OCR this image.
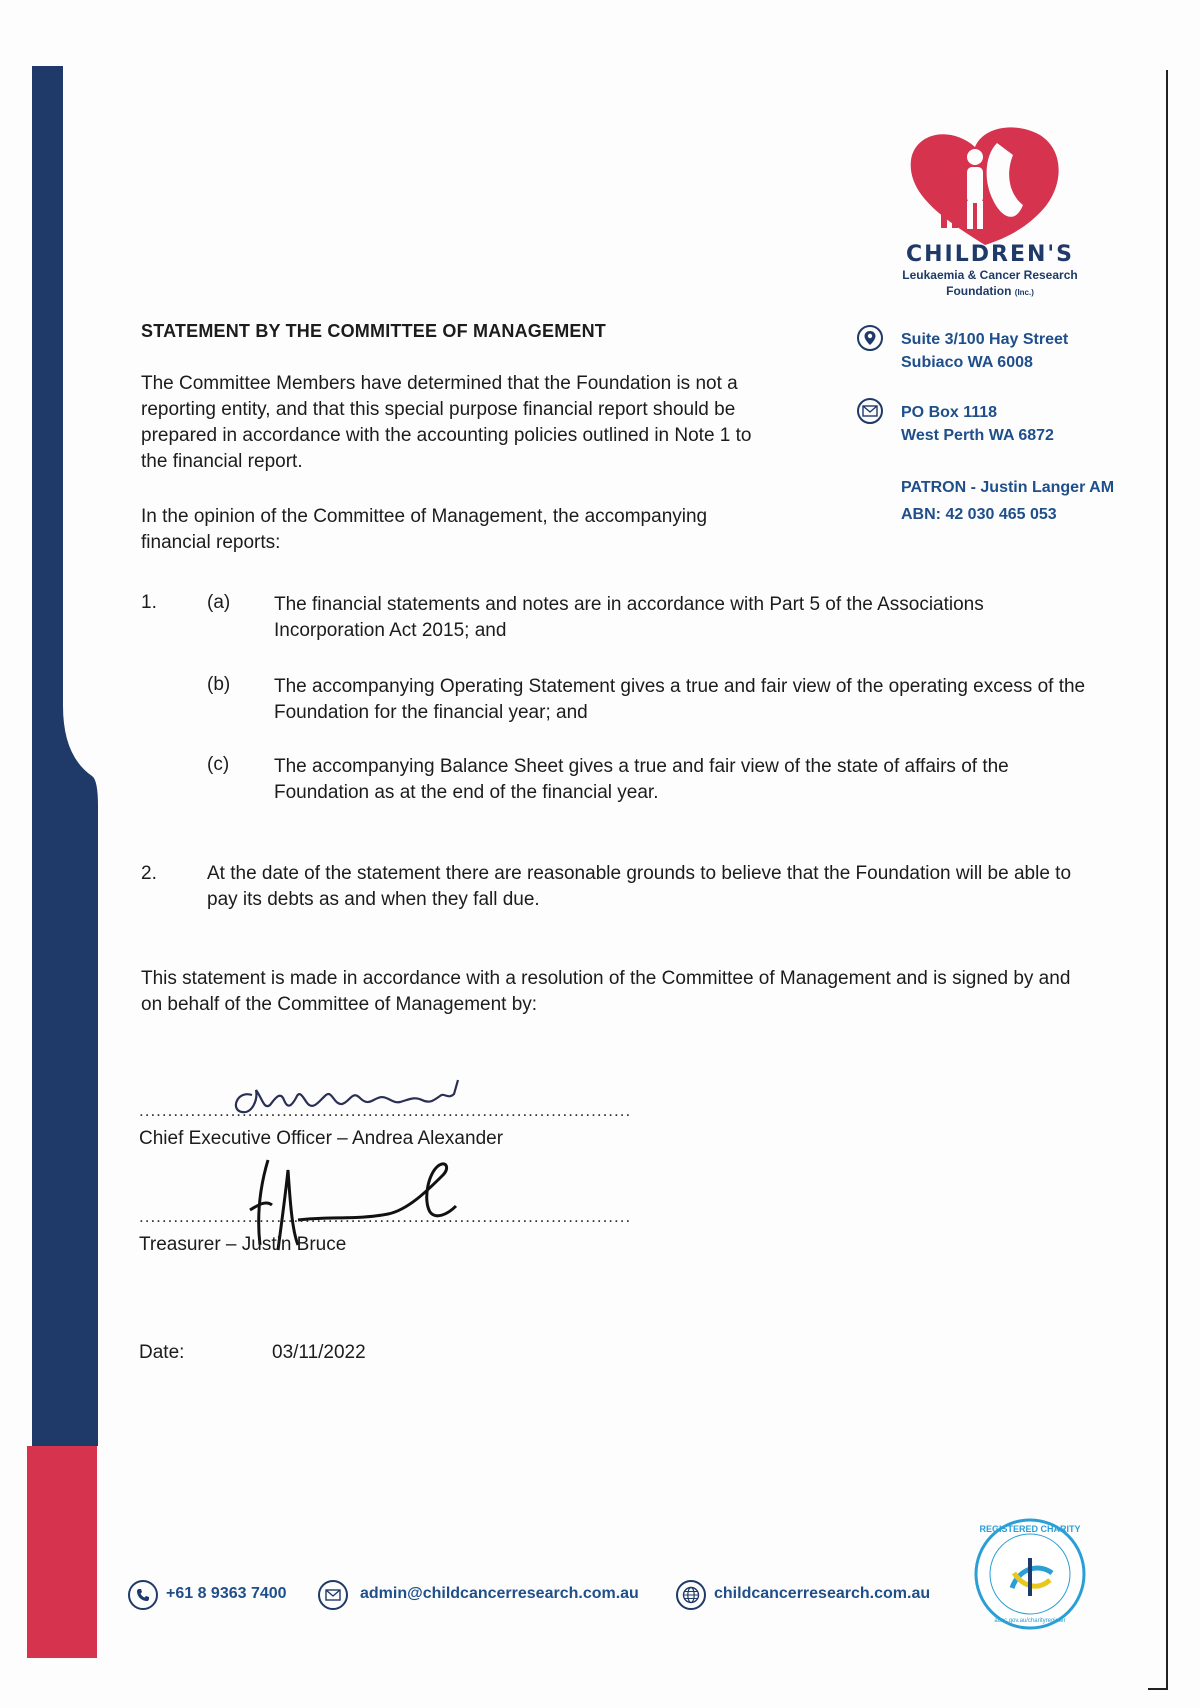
CHILDREN'S
Leukaemia & Cancer Research
Foundation (Inc.)
Suite 3/100 Hay Street
Subiaco WA 6008
PO Box 1118
West Perth WA 6872
PATRON - Justin Langer AM
ABN: 42 030 465 053
STATEMENT BY THE COMMITTEE OF MANAGEMENT
The Committee Members have determined that the Foundation is not a reporting entity, and that this special purpose financial report should be prepared in accordance with the accounting policies outlined in Note 1 to the financial report.
In the opinion of the Committee of Management, the accompanying financial reports:
1.	(a) The financial statements and notes are in accordance with Part 5 of the Associations Incorporation Act 2015; and
(b) The accompanying Operating Statement gives a true and fair view of the operating excess of the Foundation for the financial year; and
(c) The accompanying Balance Sheet gives a true and fair view of the state of affairs of the Foundation as at the end of the financial year.
2.	At the date of the statement there are reasonable grounds to believe that the Foundation will be able to pay its debts as and when they fall due.
This statement is made in accordance with a resolution of the Committee of Management and is signed by and on behalf of the Committee of Management by:
......................................................................................
Chief Executive Officer – Andrea Alexander
......................................................................................
Treasurer – Justin Bruce
Date:	03/11/2022
+61 8 9363 7400	admin@childcancerresearch.com.au	childcancerresearch.com.au
REGISTERED CHARITY
acnc.gov.au/charityregister
